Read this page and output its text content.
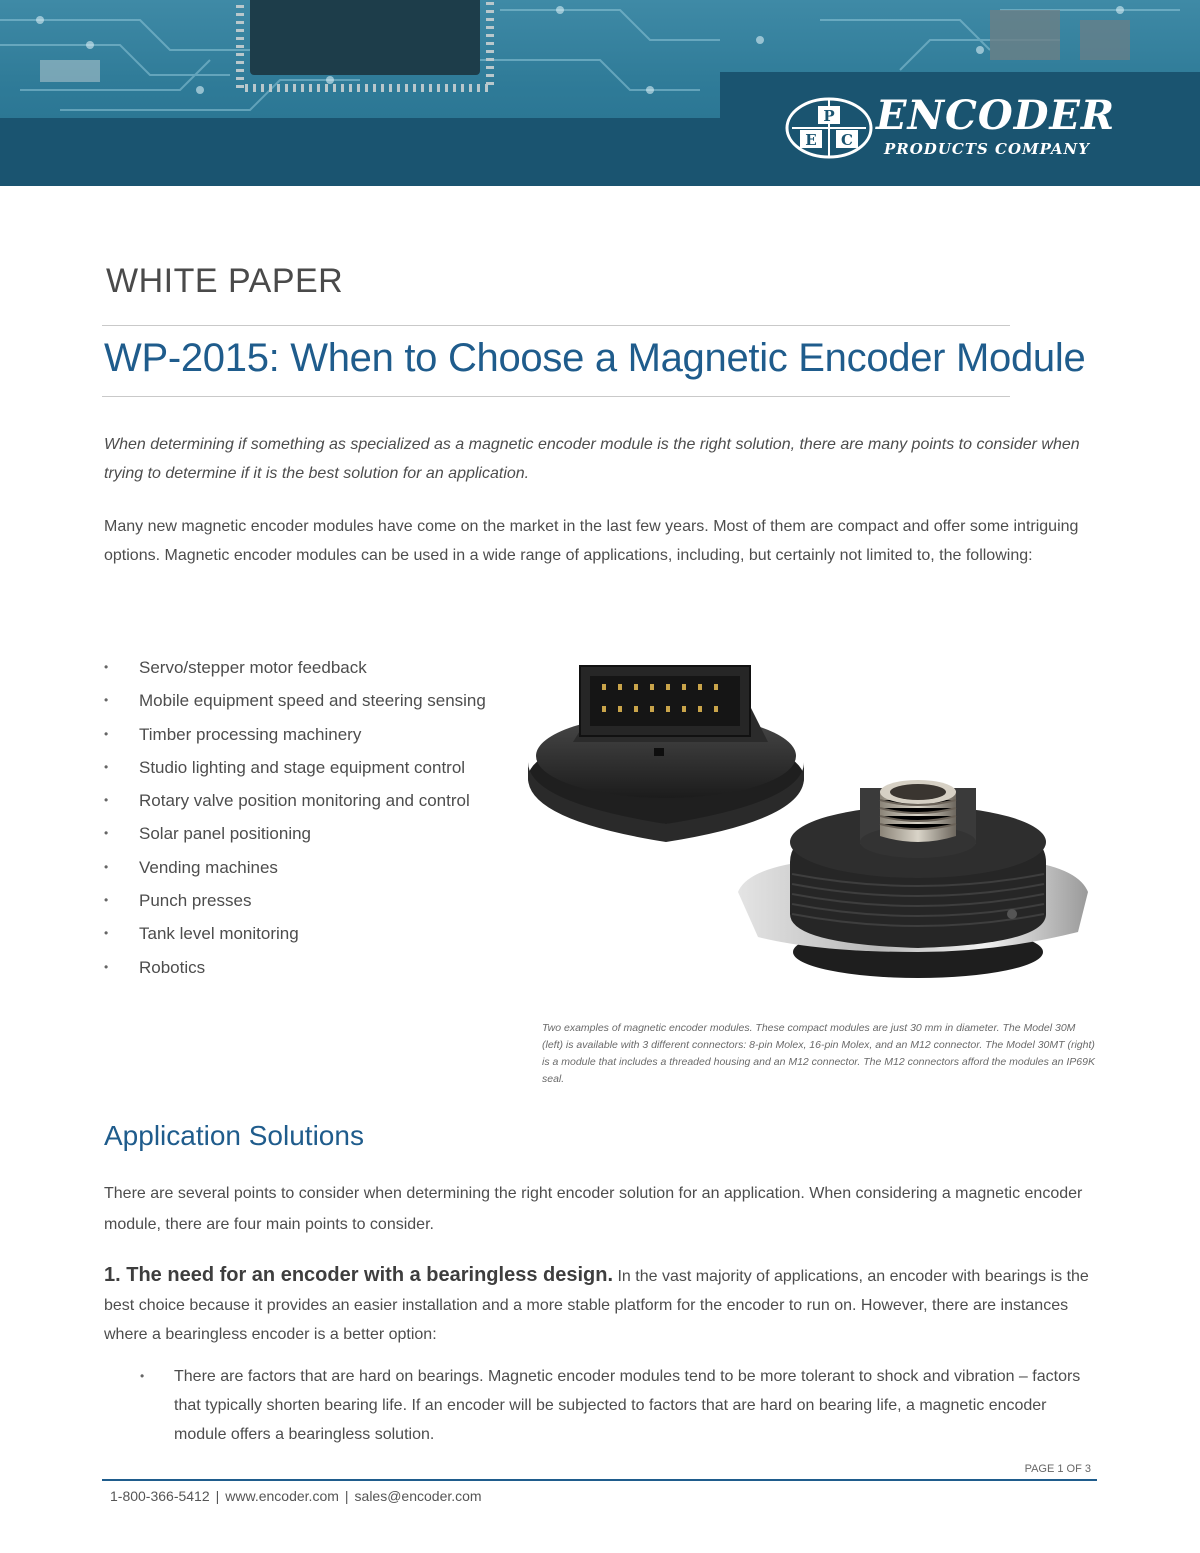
P
E C
ENCODER
PRODUCTS COMPANY
WHITE PAPER
WP-2015: When to Choose a Magnetic Encoder Module

When determining if something as specialized as a magnetic encoder module is the right solution, there are many points to consider when trying to determine if it is the best solution for an application.

Many new magnetic encoder modules have come on the market in the last few years. Most of them are compact and offer some intriguing options. Magnetic encoder modules can be used in a wide range of applications, including, but certainly not limited to, the following:

• Servo/stepper motor feedback
• Mobile equipment speed and steering sensing
• Timber processing machinery
• Studio lighting and stage equipment control
• Rotary valve position monitoring and control
• Solar panel positioning
• Vending machines
• Punch presses
• Tank level monitoring
• Robotics
Two examples of magnetic encoder modules. These compact modules are just 30 mm in diameter. The Model 30M (left) is available with 3 different connectors: 8-pin Molex, 16-pin Molex, and an M12 connector. The Model 30MT (right) is a module that includes a threaded housing and an M12 connector. The M12 connectors afford the modules an IP69K seal.
Application Solutions

There are several points to consider when determining the right encoder solution for an application. When considering a magnetic encoder module, there are four main points to consider.

1. The need for an encoder with a bearingless design. In the vast majority of applications, an encoder with bearings is the best choice because it provides an easier installation and a more stable platform for the encoder to run on. However, there are instances where a bearingless encoder is a better option:

• There are factors that are hard on bearings. Magnetic encoder modules tend to be more tolerant to shock and vibration – factors that typically shorten bearing life. If an encoder will be subjected to factors that are hard on bearing life, a magnetic encoder module offers a bearingless solution.
PAGE 1 OF 3
1-800-366-5412 | www.encoder.com | sales@encoder.com
